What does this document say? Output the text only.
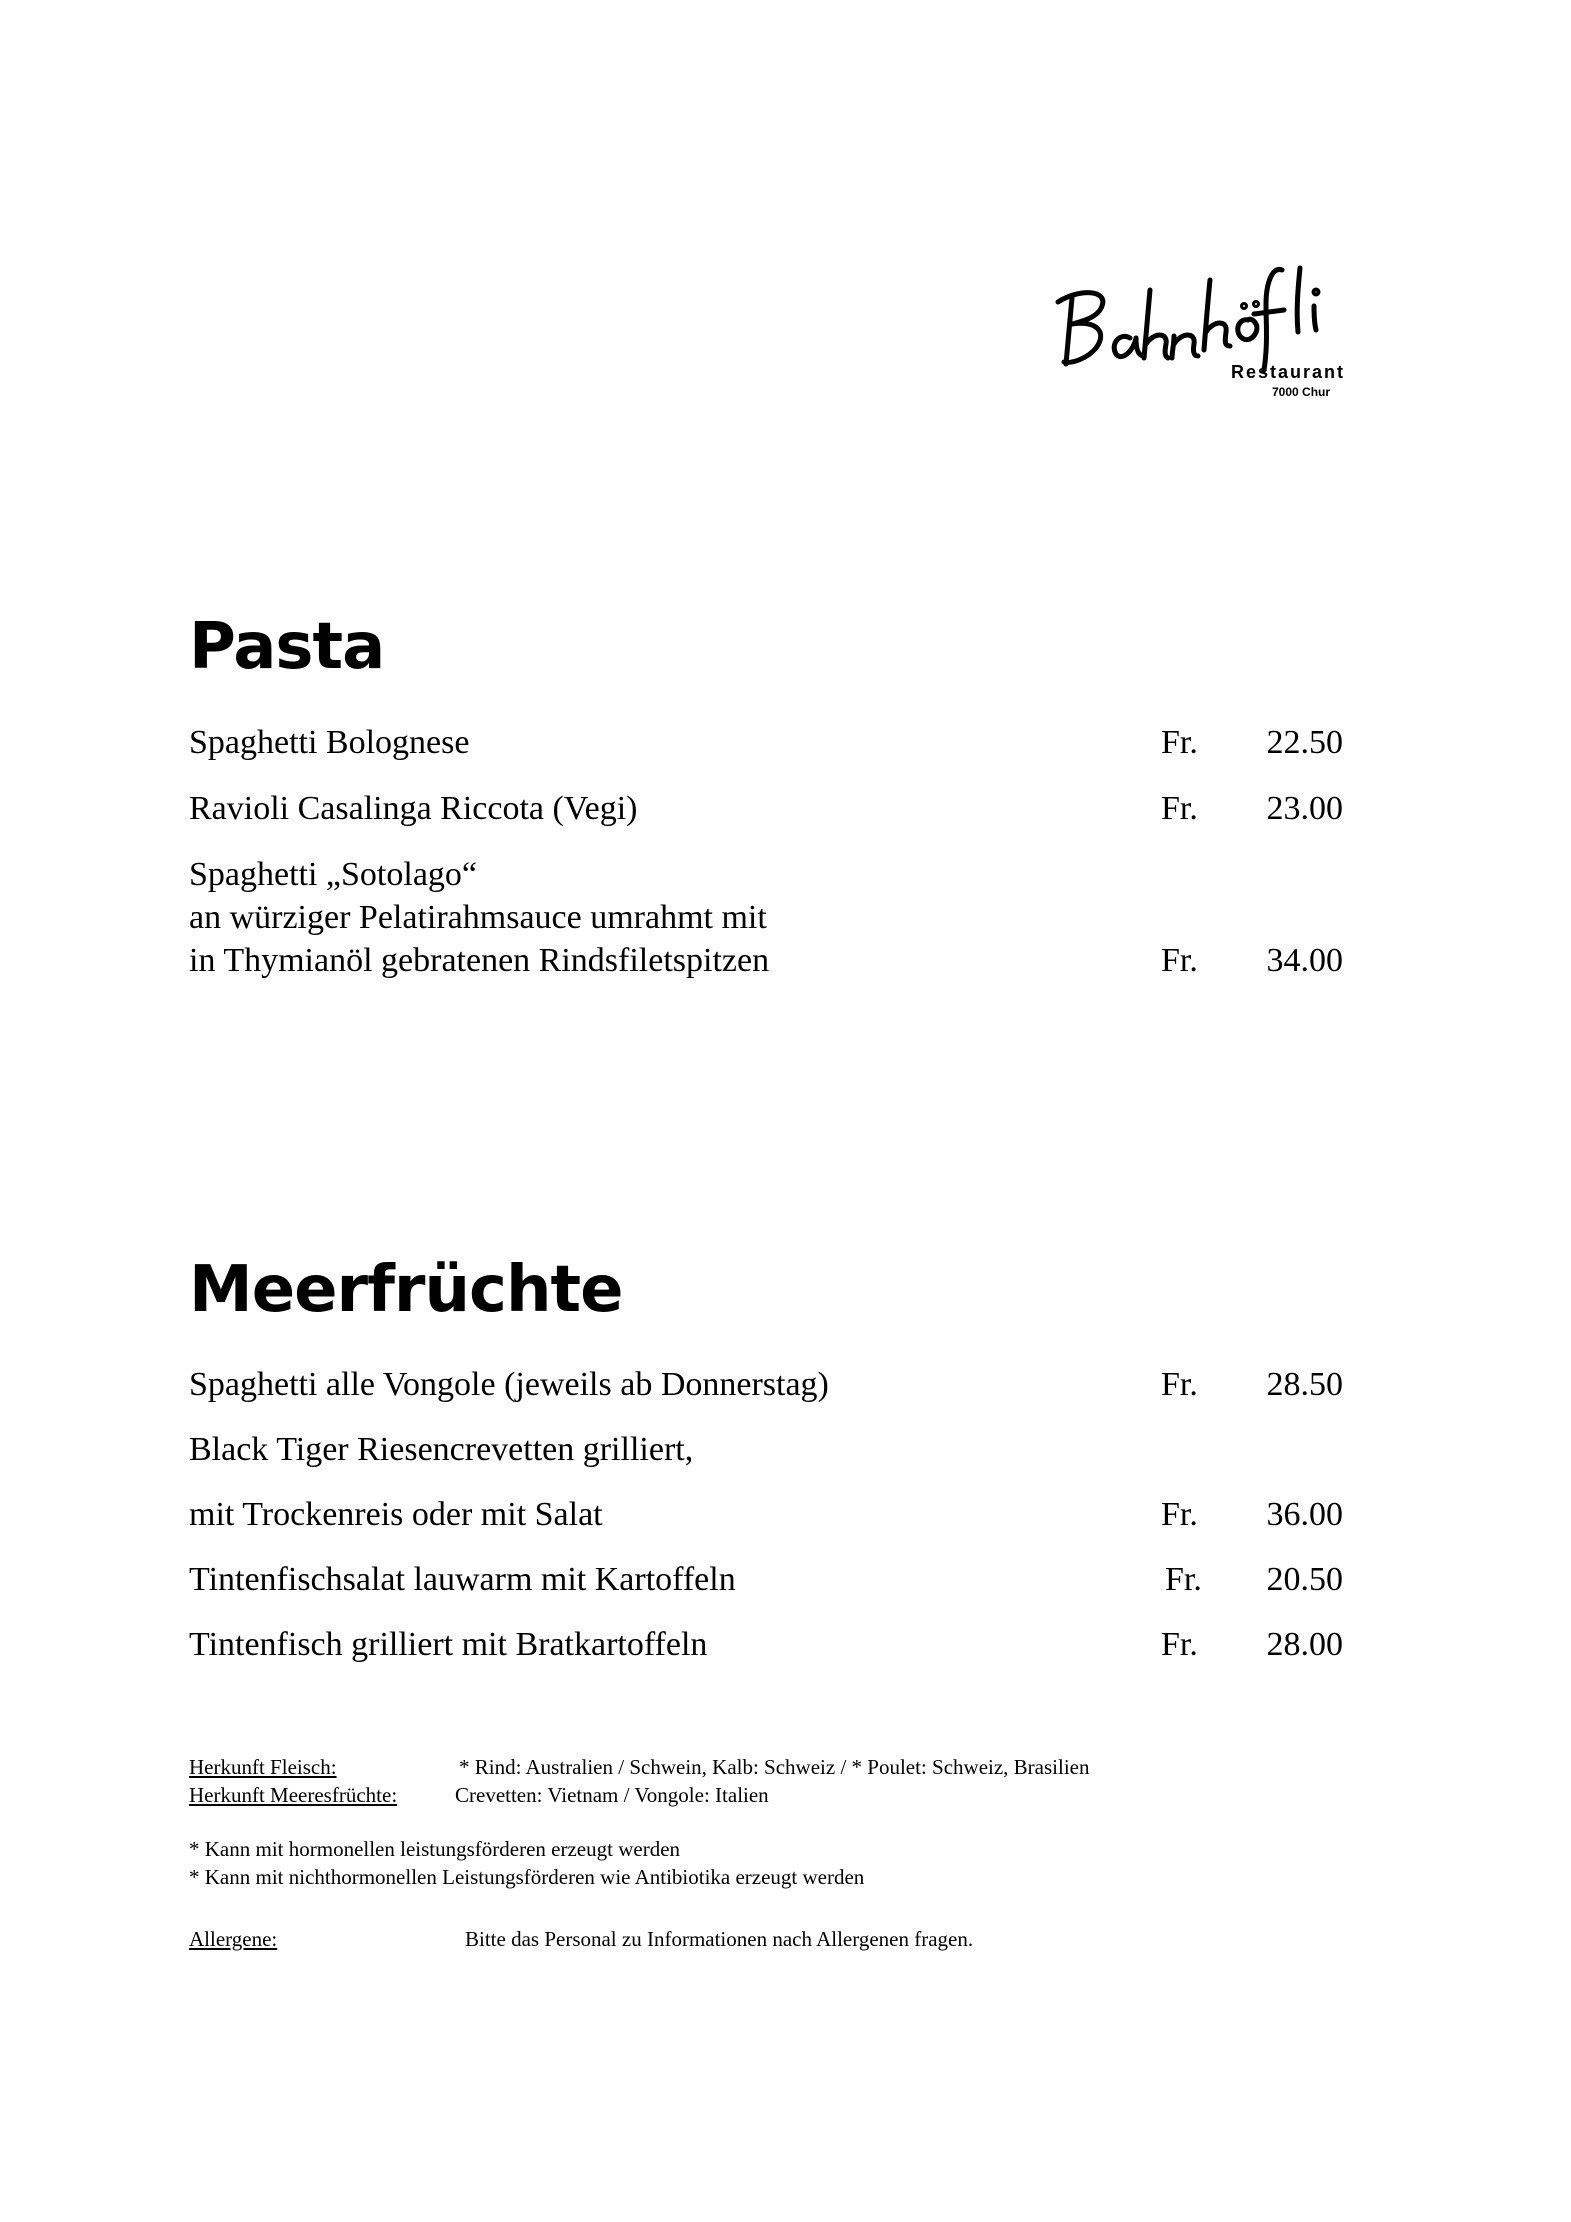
Restaurant
7000 Chur
Pasta
Spaghetti Bolognese	Fr. 22.50
Ravioli Casalinga Riccota (Vegi)	Fr. 23.00
Spaghetti „Sotolago“
an würziger Pelatirahmsauce umrahmt mit
in Thymianöl gebratenen Rindsfiletspitzen	Fr. 34.00
Meerfrüchte
Spaghetti alle Vongole (jeweils ab Donnerstag)	Fr. 28.50
Black Tiger Riesencrevetten grilliert,
mit Trockenreis oder mit Salat	Fr. 36.00
Tintenfischsalat lauwarm mit Kartoffeln	Fr. 20.50
Tintenfisch grilliert mit Bratkartoffeln	Fr. 28.00
Herkunft Fleisch:	* Rind: Australien / Schwein, Kalb: Schweiz / * Poulet: Schweiz, Brasilien
Herkunft Meeresfrüchte:	Crevetten: Vietnam / Vongole: Italien
* Kann mit hormonellen leistungsförderen erzeugt werden
* Kann mit nichthormonellen Leistungsförderen wie Antibiotika erzeugt werden
Allergene:	Bitte das Personal zu Informationen nach Allergenen fragen.
